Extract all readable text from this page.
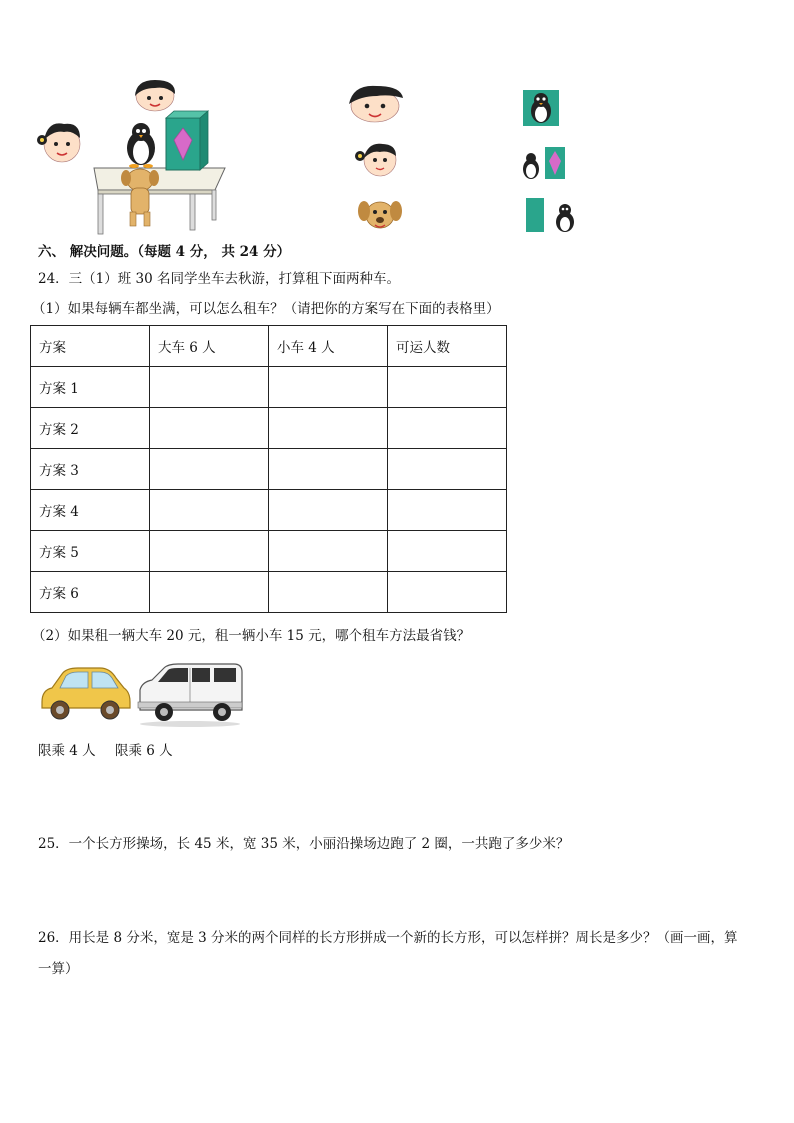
六、 解决问题。（每题 4 分， 共 24 分）
24．三（1）班 30 名同学坐车去秋游，打算租下面两种车。
（1）如果每辆车都坐满，可以怎么租车？（请把你的方案写在下面的表格里）
方案	大车 6 人	小车 4 人	可运人数
方案 1			
方案 2			
方案 3			
方案 4			
方案 5			
方案 6			
（2）如果租一辆大车 20 元，租一辆小车 15 元，哪个租车方法最省钱？
限乘 4 人 限乘 6 人
25．一个长方形操场，长 45 米，宽 35 米，小丽沿操场边跑了 2 圈，一共跑了多少米？
26．用长是 8 分米，宽是 3 分米的两个同样的长方形拼成一个新的长方形，可以怎样拼？周长是多少？（画一画，算
一算）
